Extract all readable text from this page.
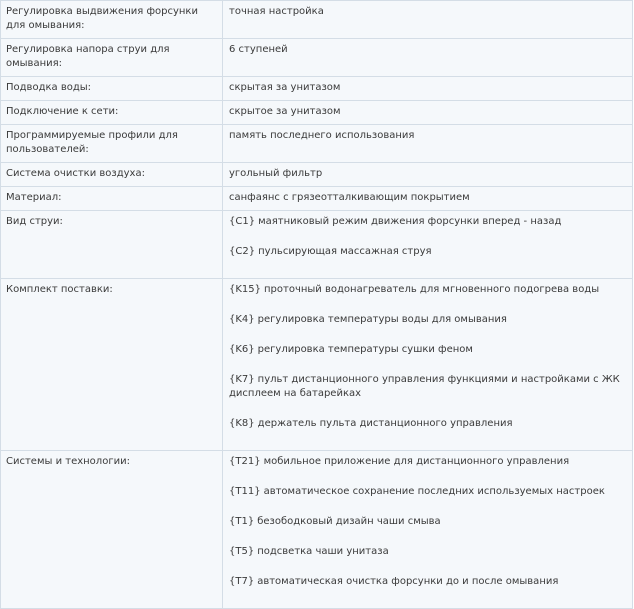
Регулировка выдвижения форсунки для омывания:	точная настройка
Регулировка напора струи для омывания:	6 ступеней
Подводка воды:	скрытая за унитазом
Подключение к сети:	скрытое за унитазом
Программируемые профили для пользователей:	память последнего использования
Система очистки воздуха:	угольный фильтр
Материал:	санфаянс с грязеотталкивающим покрытием
Вид струи:	{C1} маятниковый режим движения форсунки вперед - назад
{C2} пульсирующая массажная струя

Комплект поставки:	{K15} проточный водонагреватель для мгновенного подогрева воды
{K4} регулировка температуры воды для омывания
{K6} регулировка температуры сушки феном
{K7} пульт дистанционного управления функциями и настройками с ЖК дисплеем на батарейках
{K8} держатель пульта дистанционного управления

Системы и технологии:	{T21} мобильное приложение для дистанционного управления
{T11} автоматическое сохранение последних используемых настроек
{T1} безободковый дизайн чаши смыва
{T5} подсветка чаши унитаза
{T7} автоматическая очистка форсунки до и после омывания
